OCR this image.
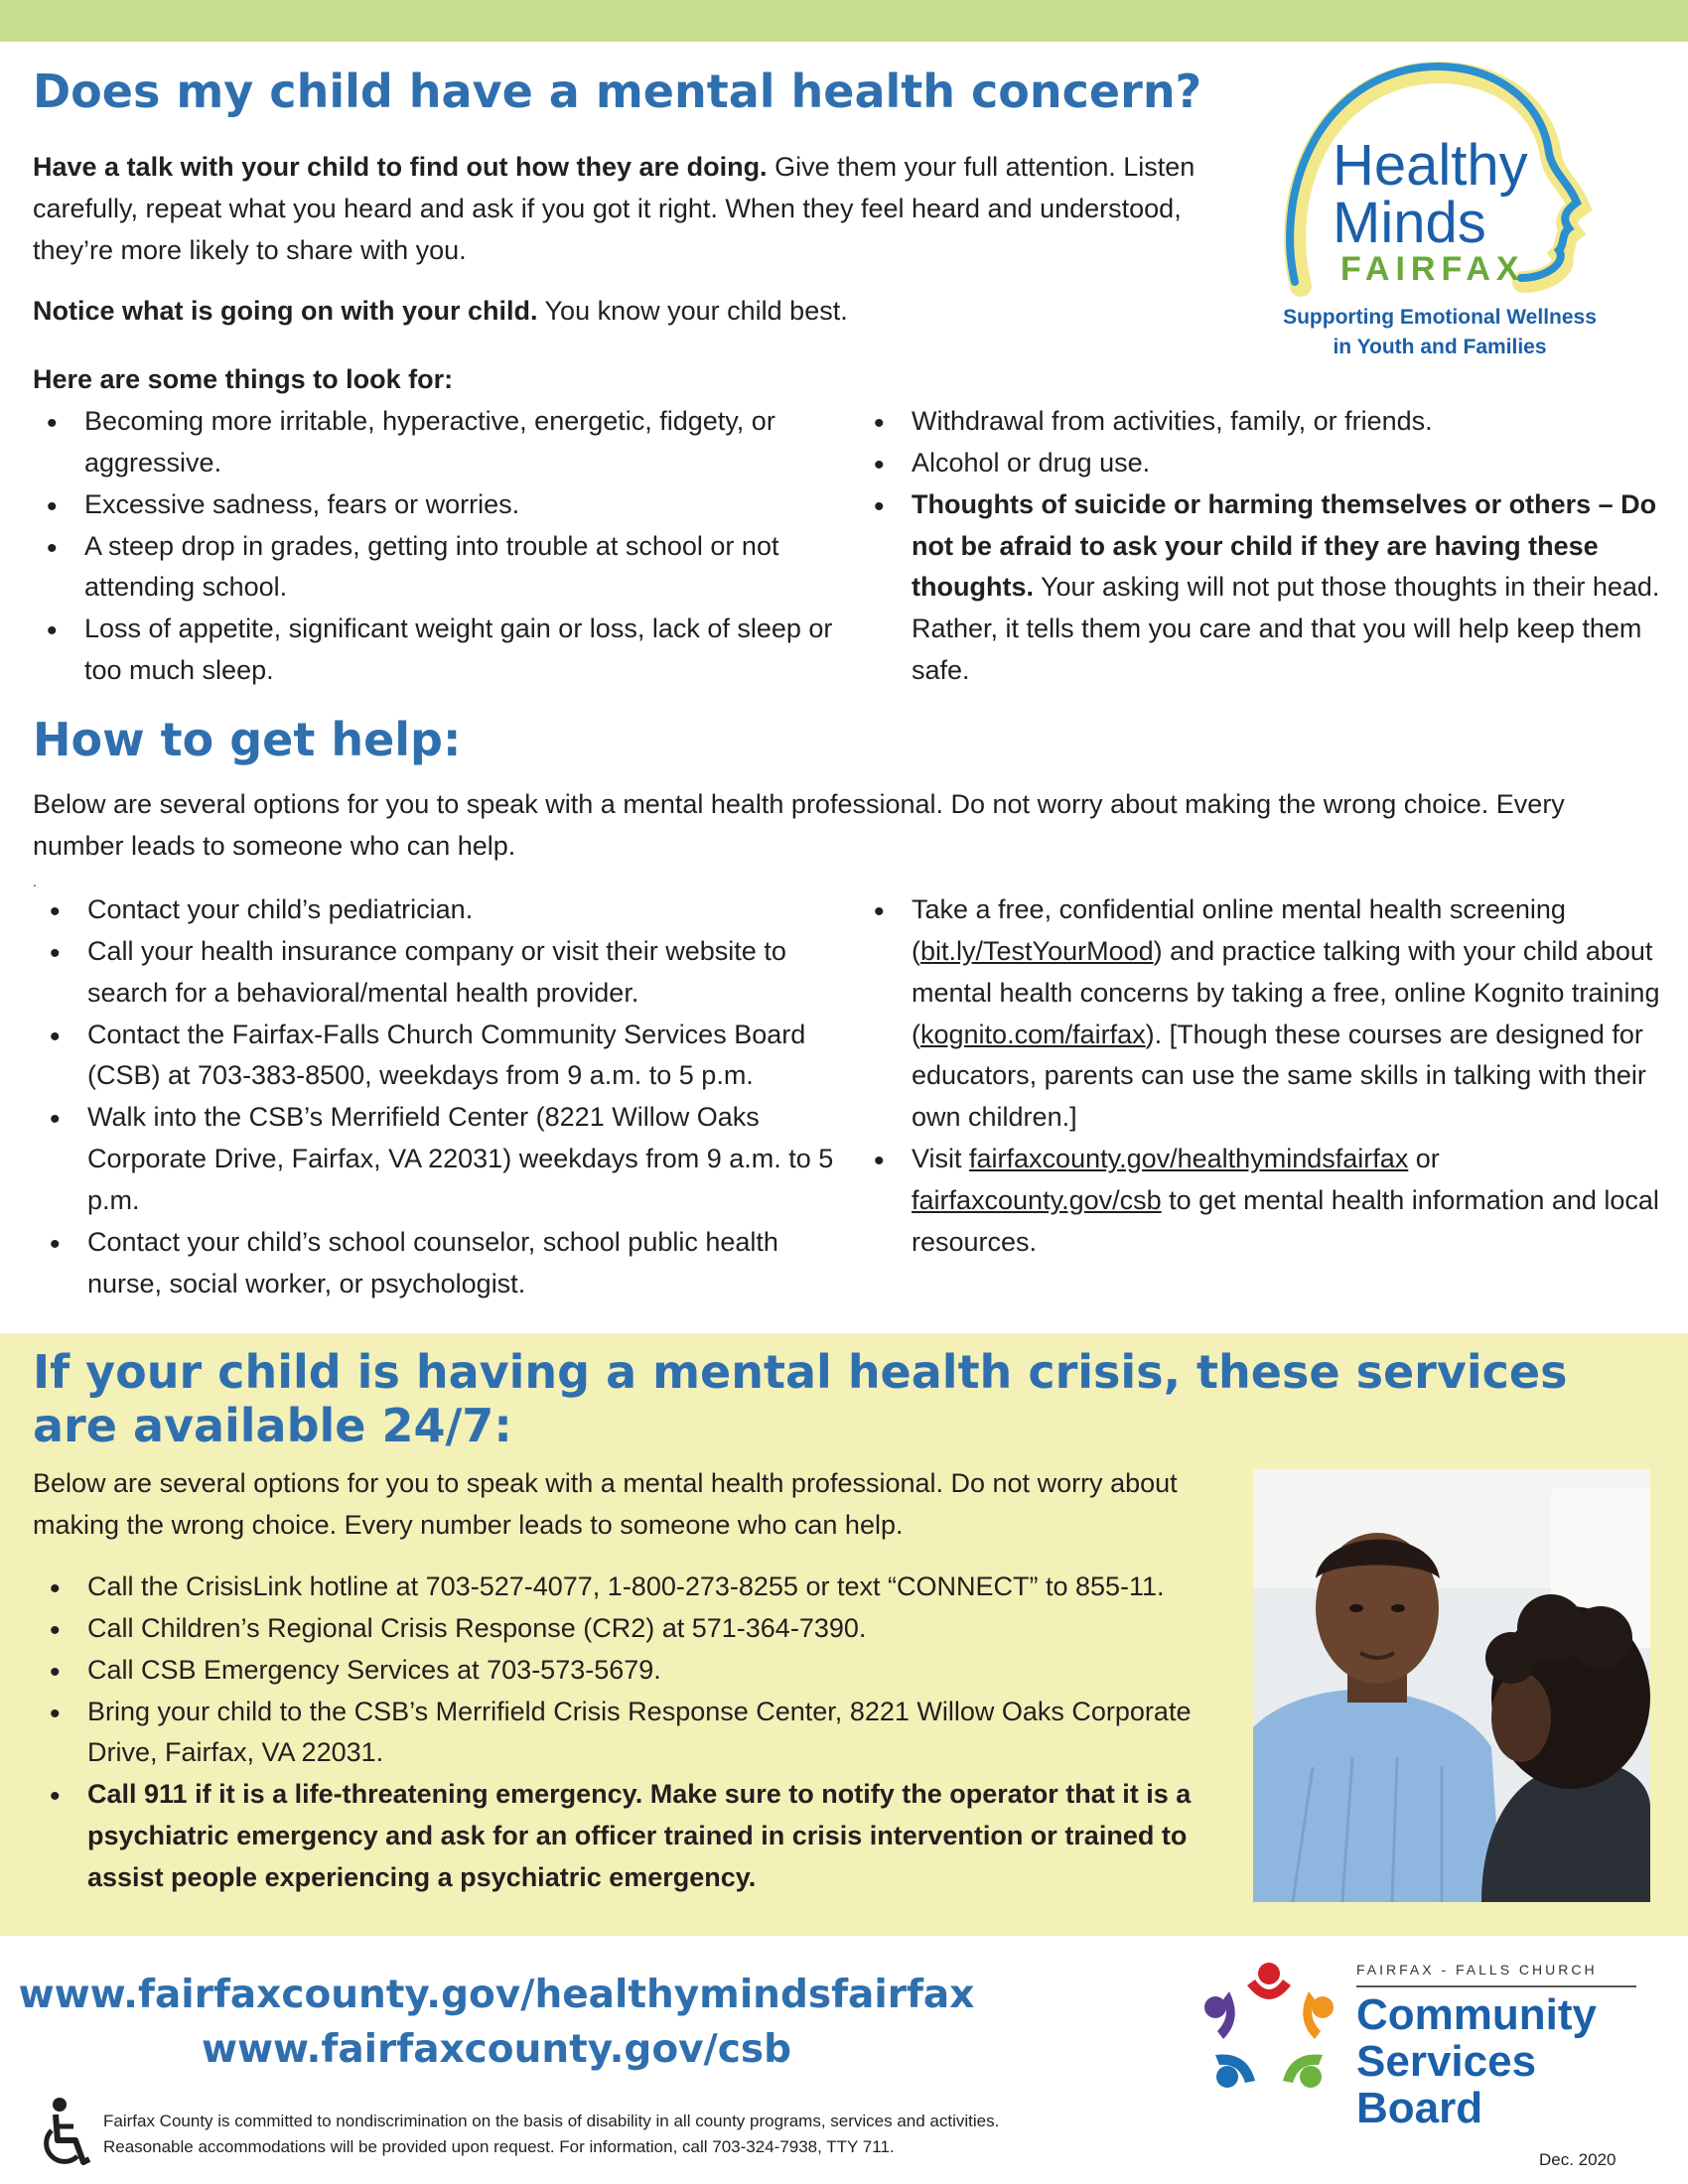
Does my child have a mental health concern?
Healthy
Minds
FAIRFAX
Supporting Emotional Wellness
in Youth and Families

Have a talk with your child to find out how they are doing. Give them your full attention. Listen carefully, repeat what you heard and ask if you got it right. When they feel heard and understood, they’re more likely to share with you.

Notice what is going on with your child. You know your child best.

Here are some things to look for:

• Becoming more irritable, hyperactive, energetic, fidgety, or aggressive.
• Excessive sadness, fears or worries.
• A steep drop in grades, getting into trouble at school or not attending school.
• Loss of appetite, significant weight gain or loss, lack of sleep or too much sleep.
• Withdrawal from activities, family, or friends.
• Alcohol or drug use.
• Thoughts of suicide or harming themselves or others – Do not be afraid to ask your child if they are having these thoughts. Your asking will not put those thoughts in their head. Rather, it tells them you care and that you will help keep them safe.
How to get help:

Below are several options for you to speak with a mental health professional. Do not worry about making the wrong choice. Every number leads to someone who can help.

.
• Contact your child’s pediatrician.
• Call your health insurance company or visit their website to search for a behavioral/mental health provider.
• Contact the Fairfax-Falls Church Community Services Board (CSB) at 703-383-8500, weekdays from 9 a.m. to 5 p.m.
• Walk into the CSB’s Merrifield Center (8221 Willow Oaks Corporate Drive, Fairfax, VA 22031) weekdays from 9 a.m. to 5 p.m.
• Contact your child’s school counselor, school public health nurse, social worker, or psychologist.
• Take a free, confidential online mental health screening (bit.ly/TestYourMood) and practice talking with your child about mental health concerns by taking a free, online Kognito training (kognito.com/fairfax). [Though these courses are designed for educators, parents can use the same skills in talking with their own children.]
• Visit fairfaxcounty.gov/healthymindsfairfax or fairfaxcounty.gov/csb to get mental health information and local resources.
If your child is having a mental health crisis, these services are available 24/7:

Below are several options for you to speak with a mental health professional. Do not worry about making the wrong choice. Every number leads to someone who can help.

• Call the CrisisLink hotline at 703-527-4077, 1-800-273-8255 or text “CONNECT” to 855-11.
• Call Children’s Regional Crisis Response (CR2) at 571-364-7390.
• Call CSB Emergency Services at 703-573-5679.
• Bring your child to the CSB’s Merrifield Crisis Response Center, 8221 Willow Oaks Corporate Drive, Fairfax, VA 22031.
• Call 911 if it is a life-threatening emergency. Make sure to notify the operator that it is a psychiatric emergency and ask for an officer trained in crisis intervention or trained to assist people experiencing a psychiatric emergency.
www.fairfaxcounty.gov/healthymindsfairfax
www.fairfaxcounty.gov/csb
FAIRFAX - FALLS CHURCH
Community
Services Board
Fairfax County is committed to nondiscrimination on the basis of disability in all county programs, services and activities.
Reasonable accommodations will be provided upon request. For information, call 703-324-7938, TTY 711.
Dec. 2020
